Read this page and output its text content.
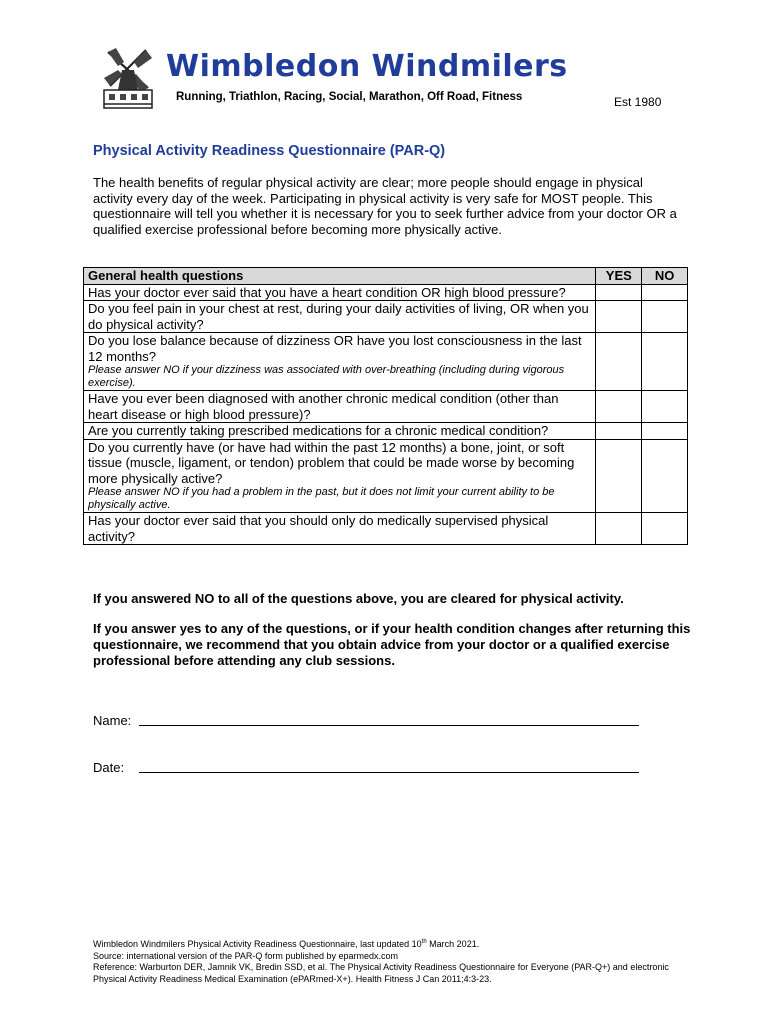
Wimbledon Windmilers
Running, Triathlon, Racing, Social, Marathon, Off Road, Fitness	Est 1980
Physical Activity Readiness Questionnaire (PAR-Q)

The health benefits of regular physical activity are clear; more people should engage in physical activity every day of the week. Participating in physical activity is very safe for MOST people. This questionnaire will tell you whether it is necessary for you to seek further advice from your doctor OR a qualified exercise professional before becoming more physically active.

General health questions	YES	NO
Has your doctor ever said that you have a heart condition OR high blood pressure?		
Do you feel pain in your chest at rest, during your daily activities of living, OR when you do physical activity?		
Do you lose balance because of dizziness OR have you lost consciousness in the last 12 months?
Please answer NO if your dizziness was associated with over-breathing (including during vigorous exercise).		

Have you ever been diagnosed with another chronic medical condition (other than heart disease or high blood pressure)?		
Are you currently taking prescribed medications for a chronic medical condition?		
Do you currently have (or have had within the past 12 months) a bone, joint, or soft tissue (muscle, ligament, or tendon) problem that could be made worse by becoming more physically active?
Please answer NO if you had a problem in the past, but it does not limit your current ability to be physically active.		

Has your doctor ever said that you should only do medically supervised physical activity?		

If you answered NO to all of the questions above, you are cleared for physical activity.

If you answer yes to any of the questions, or if your health condition changes after returning this questionnaire, we recommend that you obtain advice from your doctor or a qualified exercise professional before attending any club sessions.

Name:
Date:

Wimbledon Windmilers Physical Activity Readiness Questionnaire, last updated 10th March 2021.

Source: international version of the PAR-Q form published by eparmedx.com

Reference: Warburton DER, Jamnik VK, Bredin SSD, et al. The Physical Activity Readiness Questionnaire for Everyone (PAR-Q+) and electronic Physical Activity Readiness Medical Examination (ePARmed-X+). Health Fitness J Can 2011;4:3-23.
